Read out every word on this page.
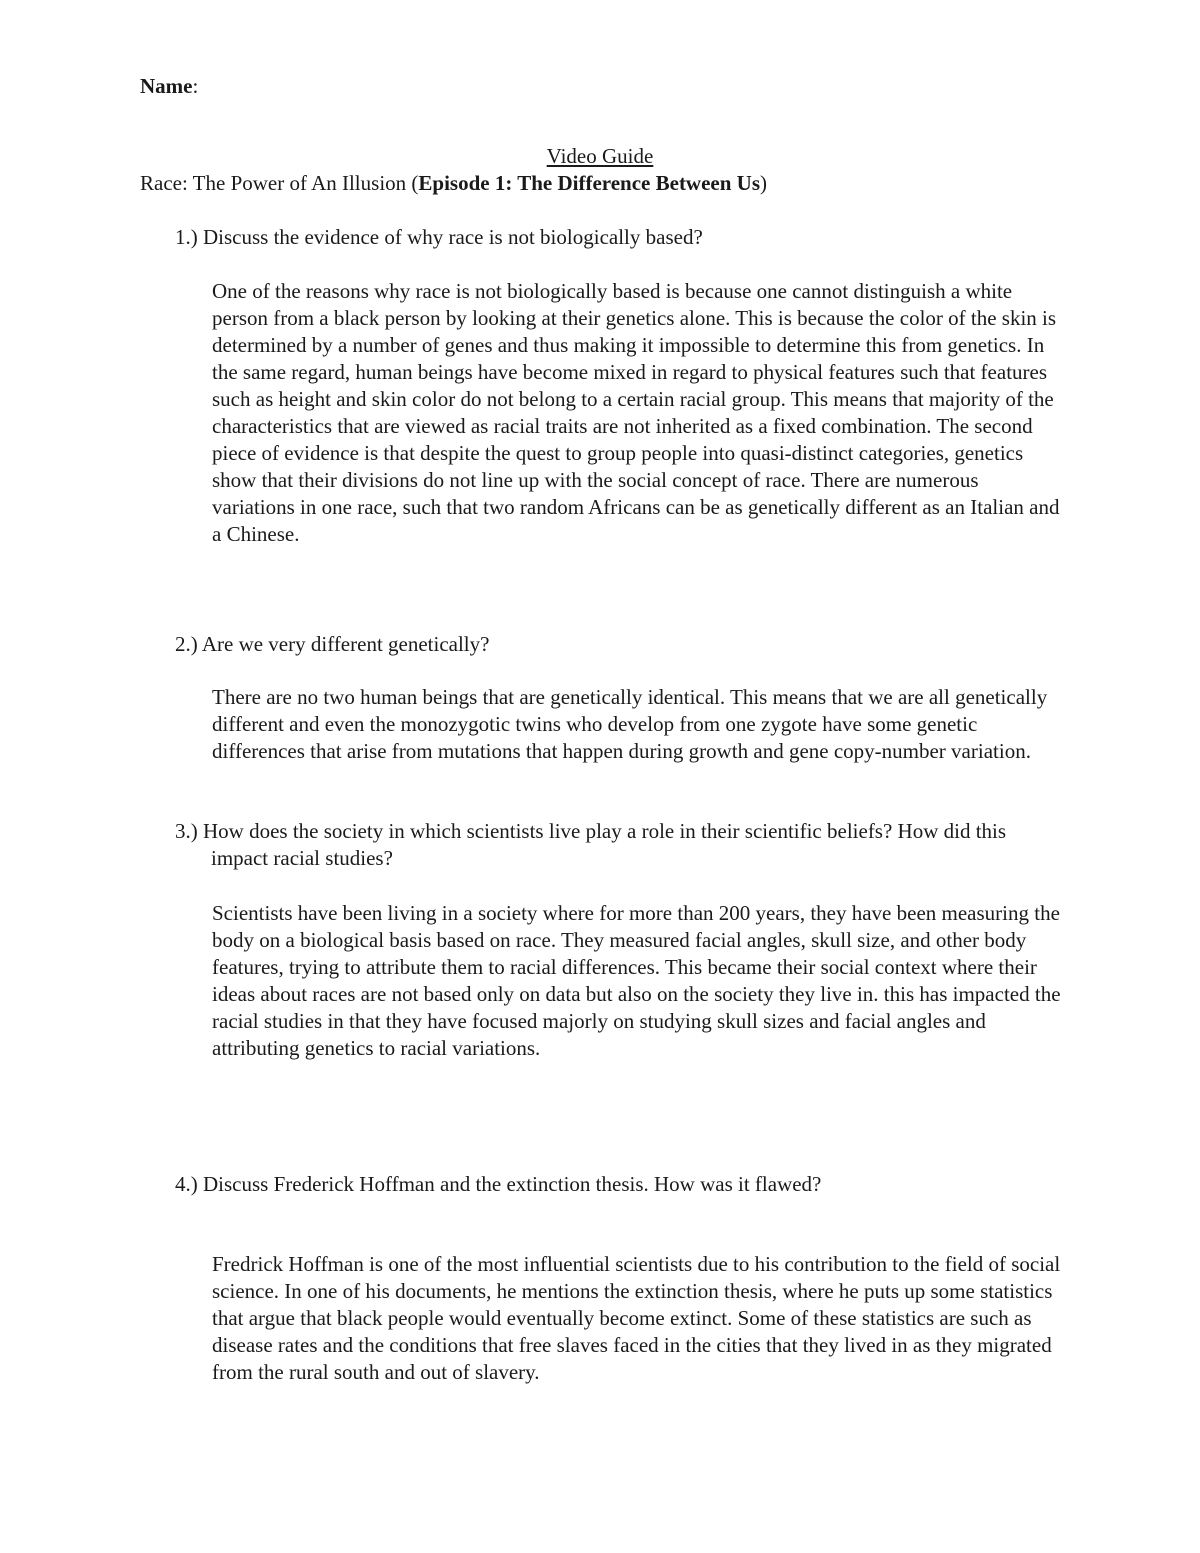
Name:
Video Guide
Race: The Power of An Illusion (Episode 1: The Difference Between Us)
1.) Discuss the evidence of why race is not biologically based?
One of the reasons why race is not biologically based is because one cannot distinguish a white person from a black person by looking at their genetics alone. This is because the color of the skin is determined by a number of genes and thus making it impossible to determine this from genetics. In the same regard, human beings have become mixed in regard to physical features such that features such as height and skin color do not belong to a certain racial group. This means that majority of the characteristics that are viewed as racial traits are not inherited as a fixed combination. The second piece of evidence is that despite the quest to group people into quasi-distinct categories, genetics show that their divisions do not line up with the social concept of race. There are numerous variations in one race, such that two random Africans can be as genetically different as an Italian and a Chinese.
2.) Are we very different genetically?
There are no two human beings that are genetically identical. This means that we are all genetically different and even the monozygotic twins who develop from one zygote have some genetic differences that arise from mutations that happen during growth and gene copy-number variation.
3.) How does the society in which scientists live play a role in their scientific beliefs? How did this impact racial studies?
Scientists have been living in a society where for more than 200 years, they have been measuring the body on a biological basis based on race. They measured facial angles, skull size, and other body features, trying to attribute them to racial differences. This became their social context where their ideas about races are not based only on data but also on the society they live in. this has impacted the racial studies in that they have focused majorly on studying skull sizes and facial angles and attributing genetics to racial variations.
4.) Discuss Frederick Hoffman and the extinction thesis. How was it flawed?
Fredrick Hoffman is one of the most influential scientists due to his contribution to the field of social science. In one of his documents, he mentions the extinction thesis, where he puts up some statistics that argue that black people would eventually become extinct. Some of these statistics are such as disease rates and the conditions that free slaves faced in the cities that they lived in as they migrated from the rural south and out of slavery.
